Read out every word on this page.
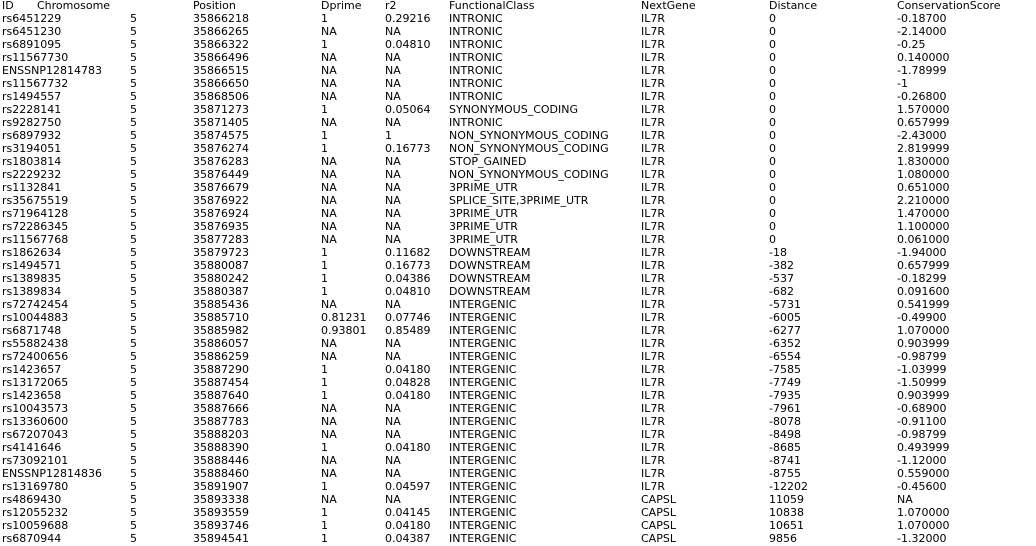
ID Chromosome	Position	Dprime r2	FunctionalClass	NextGene	Distance	ConservationScore
rs6451229	5	35866218	1	0.29216 INTRONIC	IL7R	0	-0.18700
rs6451230	5	35866265	NA	NA	INTRONIC	IL7R	0	-2.14000
rs6891095	5	35866322	1	0.04810 INTRONIC	IL7R	0	-0.25
rs11567730	5	35866496	NA	NA	INTRONIC	IL7R	0	0.140000
ENSSNP12814783	5	35866515	NA	NA	INTRONIC	IL7R	0	-1.78999
rs11567732	5	35866650	NA	NA	INTRONIC	IL7R	0	-1
rs1494557	5	35868506	NA	NA	INTRONIC	IL7R	0	-0.26800
rs2228141	5	35871273	1	0.05064 SYNONYMOUS_CODING	IL7R	0	1.570000
rs9282750	5	35871405	NA	NA	INTRONIC	IL7R	0	0.657999
rs6897932	5	35874575	1	1	NON_SYNONYMOUS_CODING	IL7R	0	-2.43000
rs3194051	5	35876274	1	0.16773 NON_SYNONYMOUS_CODING	IL7R	0	2.819999
rs1803814	5	35876283	NA	NA	STOP_GAINED	IL7R	0	1.830000
rs2229232	5	35876449	NA	NA	NON_SYNONYMOUS_CODING	IL7R	0	1.080000
rs1132841	5	35876679	NA	NA	3PRIME_UTR	IL7R	0	0.651000
rs35675519	5	35876922	NA	NA	SPLICE_SITE,3PRIME_UTR	IL7R	0	2.210000
rs71964128	5	35876924	NA	NA	3PRIME_UTR	IL7R	0	1.470000
rs72286345	5	35876935	NA	NA	3PRIME_UTR	IL7R	0	1.100000
rs11567768	5	35877283	NA	NA	3PRIME_UTR	IL7R	0	0.061000
rs1862634	5	35879723	1	0.11682 DOWNSTREAM	IL7R	-18	-1.94000
rs1494571	5	35880087	1	0.16773 DOWNSTREAM	IL7R	-382	0.657999
rs1389835	5	35880242	1	0.04386 DOWNSTREAM	IL7R	-537	-0.18299
rs1389834	5	35880387	1	0.04810 DOWNSTREAM	IL7R	-682	0.091600
rs72742454	5	35885436	NA	NA	INTERGENIC	IL7R	-5731	0.541999
rs10044883	5	35885710	0.81231 0.07746 INTERGENIC	IL7R	-6005	-0.49900
rs6871748	5	35885982	0.93801 0.85489 INTERGENIC	IL7R	-6277	1.070000
rs55882438	5	35886057	NA	NA	INTERGENIC	IL7R	-6352	0.903999
rs72400656	5	35886259	NA	NA	INTERGENIC	IL7R	-6554	-0.98799
rs1423657	5	35887290	1	0.04180 INTERGENIC	IL7R	-7585	-1.03999
rs13172065	5	35887454	1	0.04828 INTERGENIC	IL7R	-7749	-1.50999
rs1423658	5	35887640	1	0.04180 INTERGENIC	IL7R	-7935	0.903999
rs10043573	5	35887666	NA	NA	INTERGENIC	IL7R	-7961	-0.68900
rs13360600	5	35887783	NA	NA	INTERGENIC	IL7R	-8078	-0.91100
rs67207043	5	35888203	NA	NA	INTERGENIC	IL7R	-8498	-0.98799
rs4141646	5	35888390	1	0.04180 INTERGENIC	IL7R	-8685	0.493999
rs73092101	5	35888446	NA	NA	INTERGENIC	IL7R	-8741	-1.12000
ENSSNP12814836	5	35888460	NA	NA	INTERGENIC	IL7R	-8755	0.559000
rs13169780	5	35891907	1	0.04597 INTERGENIC	IL7R	-12202	-0.45600
rs4869430	5	35893338	NA	NA	INTERGENIC	CAPSL	11059	NA
rs12055232	5	35893559	1	0.04145 INTERGENIC	CAPSL	10838	1.070000
rs10059688	5	35893746	1	0.04180 INTERGENIC	CAPSL	10651	1.070000
rs6870944	5	35894541	1	0.04387 INTERGENIC	CAPSL	9856	-1.32000
